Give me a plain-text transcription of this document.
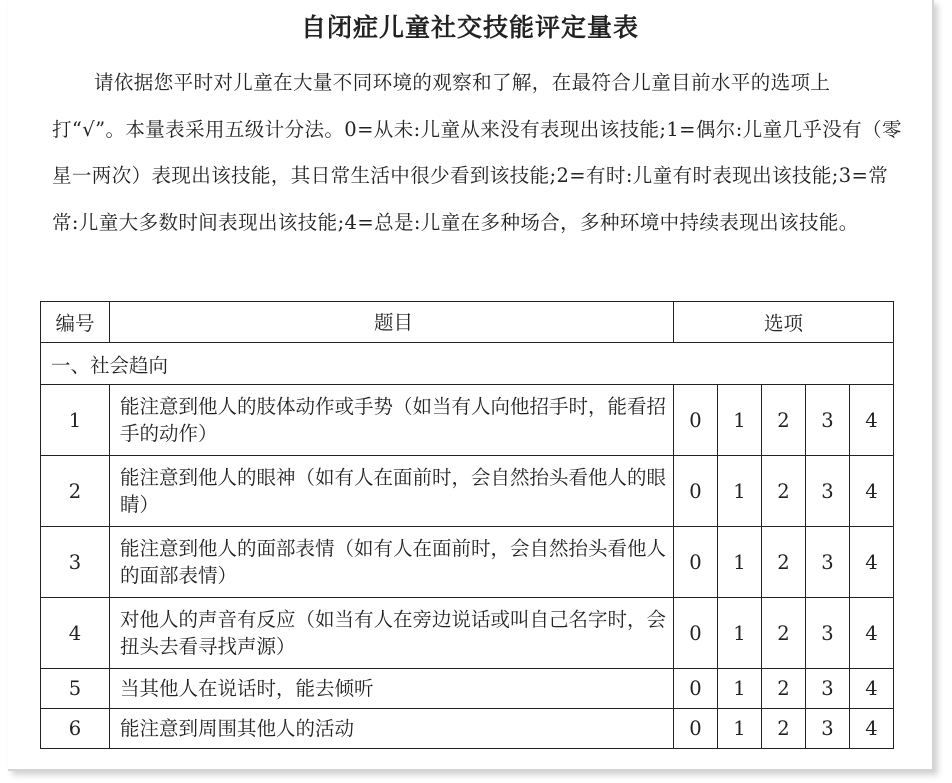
自闭症儿童社交技能评定量表
请依据您平时对儿童在大量不同环境的观察和了解，在最符合儿童目前水平的选项上打“√”。本量表采用五级计分法。0=从未:儿童从来没有表现出该技能;1=偶尔:儿童几乎没有（零星一两次）表现出该技能，其日常生活中很少看到该技能;2=有时:儿童有时表现出该技能;3=常常:儿童大多数时间表现出该技能;4=总是:儿童在多种场合，多种环境中持续表现出该技能。
编号	题目	选项				
一、社会趋向						
1	能注意到他人的肢体动作或手势（如当有人向他招手时，能看招手的动作）	0	1	2	3	4
2	能注意到他人的眼神（如有人在面前时，会自然抬头看他人的眼睛）	0	1	2	3	4
3	能注意到他人的面部表情（如有人在面前时，会自然抬头看他人的面部表情）	0	1	2	3	4
4	对他人的声音有反应（如当有人在旁边说话或叫自己名字时，会扭头去看寻找声源）	0	1	2	3	4
5	当其他人在说话时，能去倾听	0	1	2	3	4
6	能注意到周围其他人的活动	0	1	2	3	4
